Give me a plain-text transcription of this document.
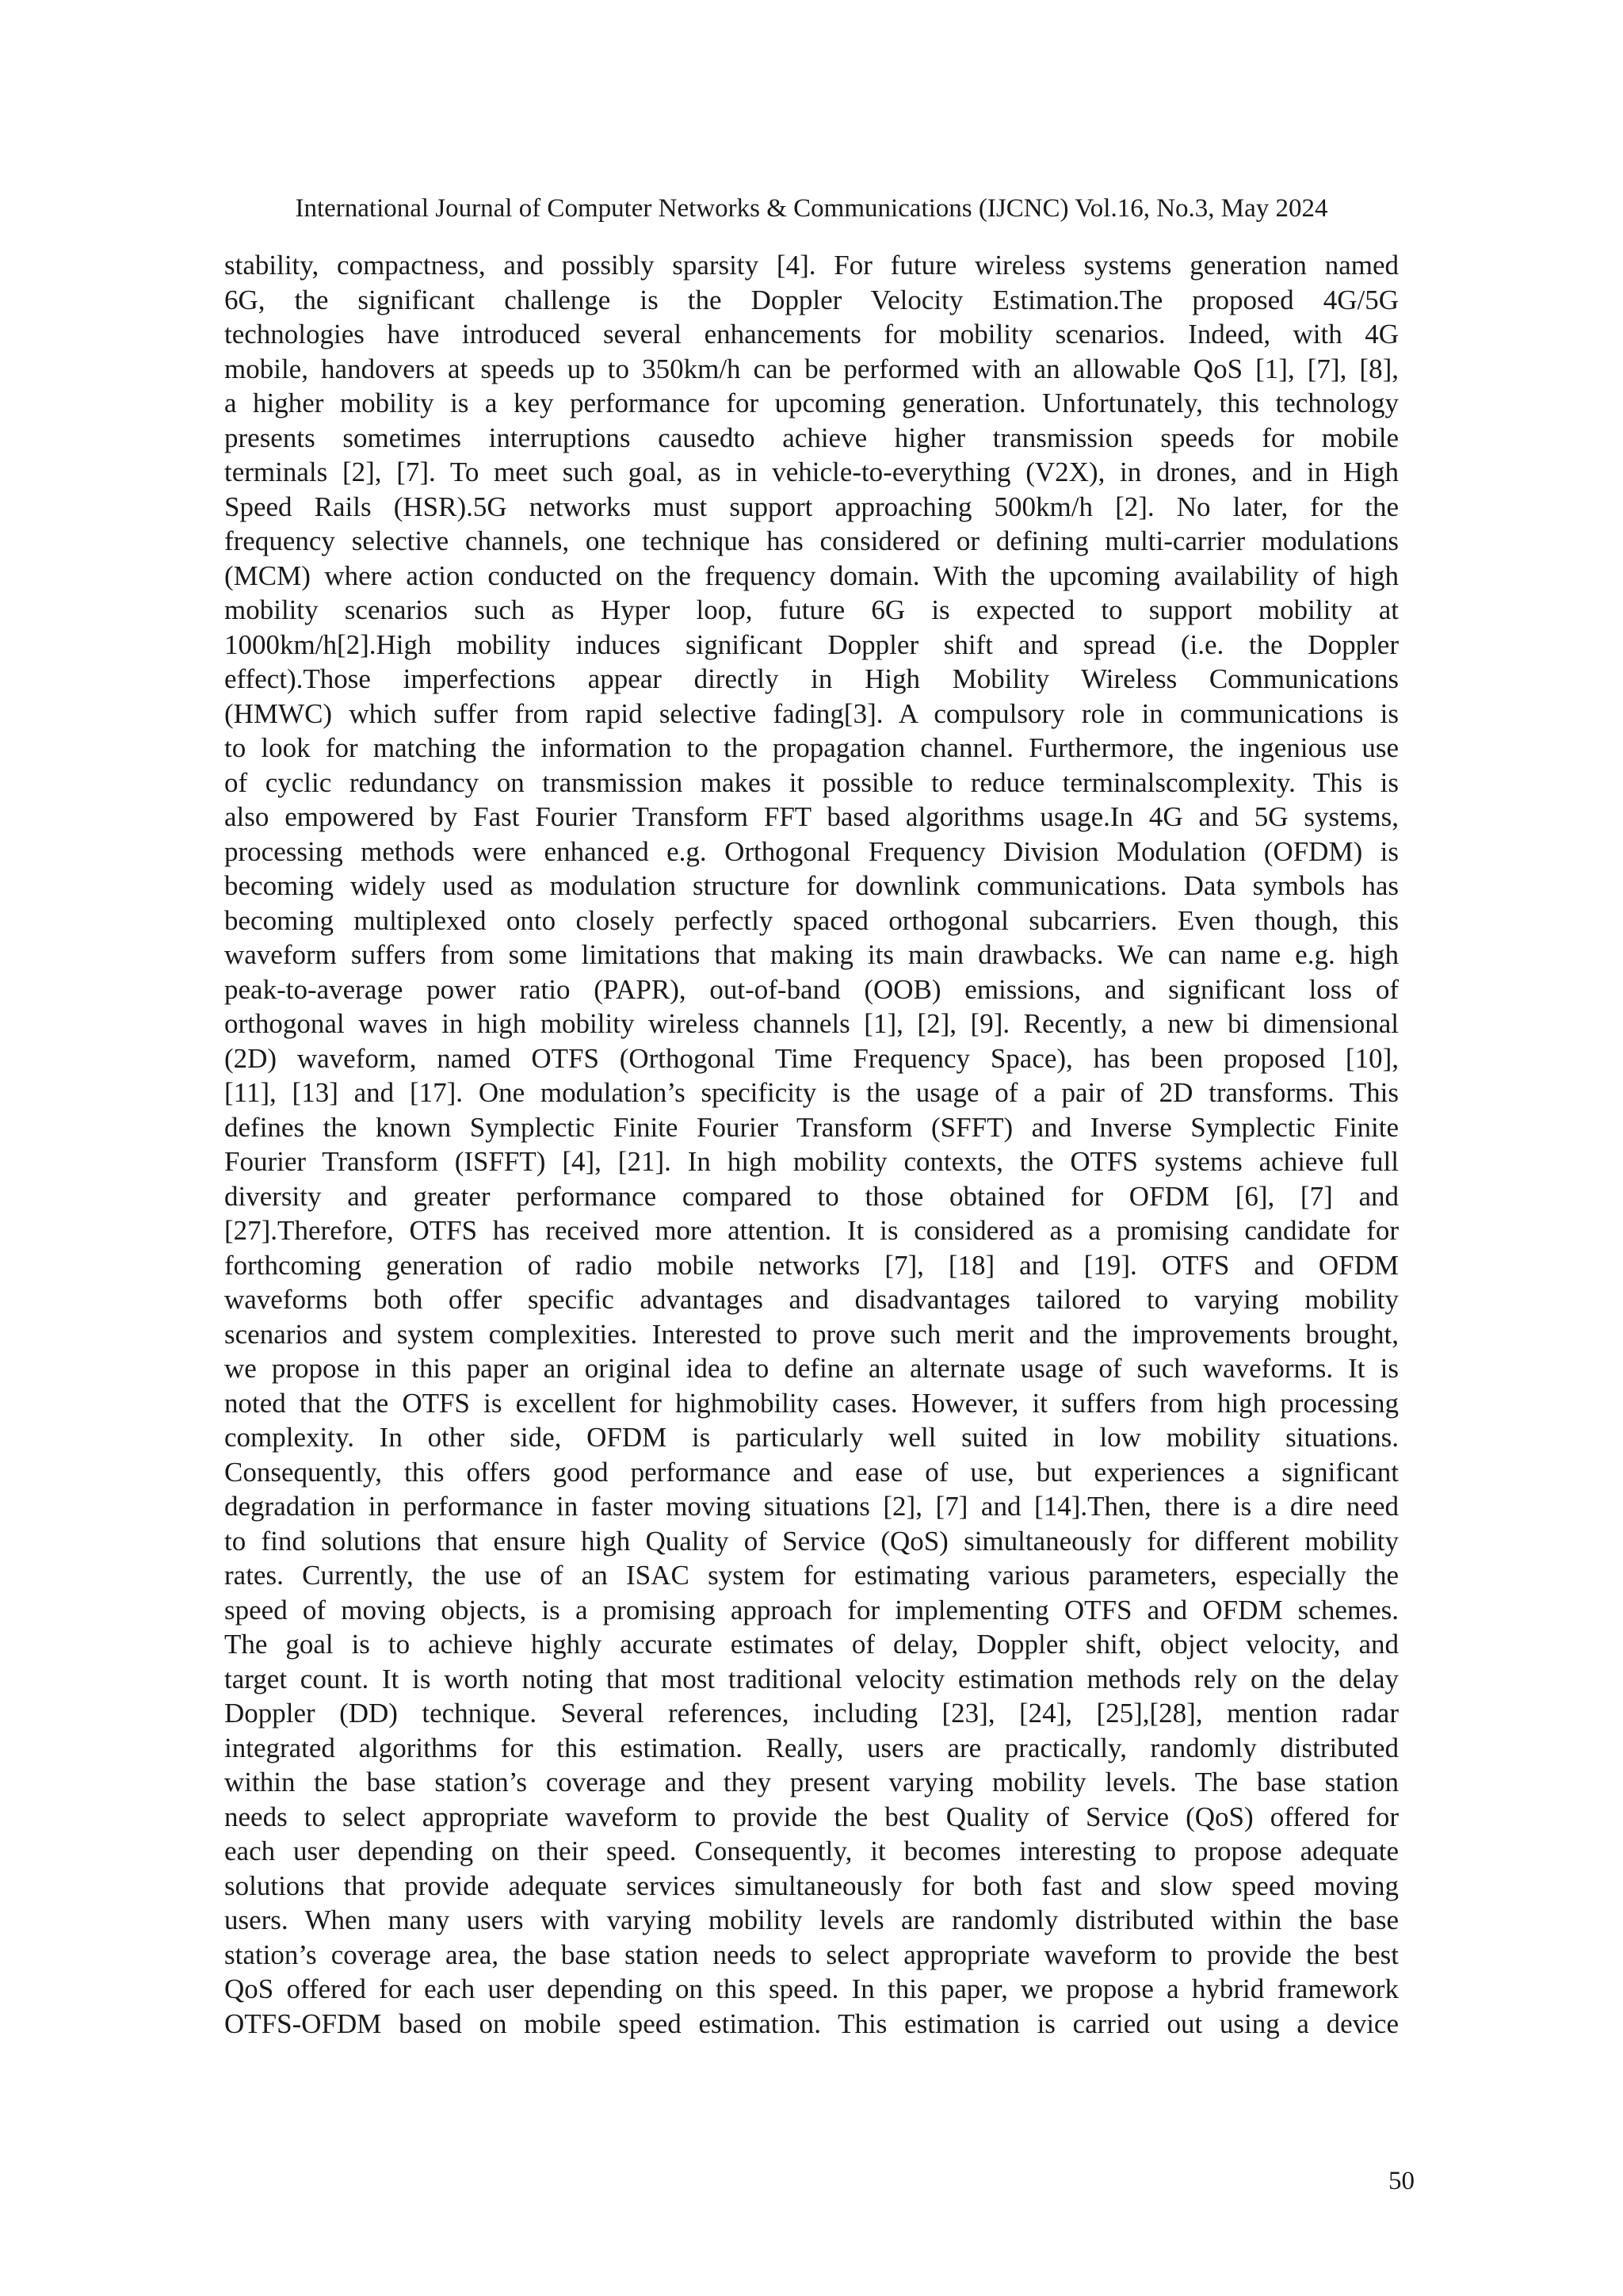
International Journal of Computer Networks & Communications (IJCNC) Vol.16, No.3, May 2024
stability, compactness, and possibly sparsity [4]. For future wireless systems generation named
6G, the significant challenge is the Doppler Velocity Estimation.The proposed 4G/5G
technologies have introduced several enhancements for mobility scenarios. Indeed, with 4G
mobile, handovers at speeds up to 350km/h can be performed with an allowable QoS [1], [7], [8],
a higher mobility is a key performance for upcoming generation. Unfortunately, this technology
presents sometimes interruptions causedto achieve higher transmission speeds for mobile
terminals [2], [7]. To meet such goal, as in vehicle-to-everything (V2X), in drones, and in High
Speed Rails (HSR).5G networks must support approaching 500km/h [2]. No later, for the
frequency selective channels, one technique has considered or defining multi-carrier modulations
(MCM) where action conducted on the frequency domain. With the upcoming availability of high
mobility scenarios such as Hyper loop, future 6G is expected to support mobility at
1000km/h[2].High mobility induces significant Doppler shift and spread (i.e. the Doppler
effect).Those imperfections appear directly in High Mobility Wireless Communications
(HMWC) which suffer from rapid selective fading[3]. A compulsory role in communications is
to look for matching the information to the propagation channel. Furthermore, the ingenious use
of cyclic redundancy on transmission makes it possible to reduce terminalscomplexity. This is
also empowered by Fast Fourier Transform FFT based algorithms usage.In 4G and 5G systems,
processing methods were enhanced e.g. Orthogonal Frequency Division Modulation (OFDM) is
becoming widely used as modulation structure for downlink communications. Data symbols has
becoming multiplexed onto closely perfectly spaced orthogonal subcarriers. Even though, this
waveform suffers from some limitations that making its main drawbacks. We can name e.g. high
peak-to-average power ratio (PAPR), out-of-band (OOB) emissions, and significant loss of
orthogonal waves in high mobility wireless channels [1], [2], [9]. Recently, a new bi dimensional
(2D) waveform, named OTFS (Orthogonal Time Frequency Space), has been proposed [10],
[11], [13] and [17]. One modulation’s specificity is the usage of a pair of 2D transforms. This
defines the known Symplectic Finite Fourier Transform (SFFT) and Inverse Symplectic Finite
Fourier Transform (ISFFT) [4], [21]. In high mobility contexts, the OTFS systems achieve full
diversity and greater performance compared to those obtained for OFDM [6], [7] and
[27].Therefore, OTFS has received more attention. It is considered as a promising candidate for
forthcoming generation of radio mobile networks [7], [18] and [19]. OTFS and OFDM
waveforms both offer specific advantages and disadvantages tailored to varying mobility
scenarios and system complexities. Interested to prove such merit and the improvements brought,
we propose in this paper an original idea to define an alternate usage of such waveforms. It is
noted that the OTFS is excellent for highmobility cases. However, it suffers from high processing
complexity. In other side, OFDM is particularly well suited in low mobility situations.
Consequently, this offers good performance and ease of use, but experiences a significant
degradation in performance in faster moving situations [2], [7] and [14].Then, there is a dire need
to find solutions that ensure high Quality of Service (QoS) simultaneously for different mobility
rates. Currently, the use of an ISAC system for estimating various parameters, especially the
speed of moving objects, is a promising approach for implementing OTFS and OFDM schemes.
The goal is to achieve highly accurate estimates of delay, Doppler shift, object velocity, and
target count. It is worth noting that most traditional velocity estimation methods rely on the delay
Doppler (DD) technique. Several references, including [23], [24], [25],[28], mention radar
integrated algorithms for this estimation. Really, users are practically, randomly distributed
within the base station’s coverage and they present varying mobility levels. The base station
needs to select appropriate waveform to provide the best Quality of Service (QoS) offered for
each user depending on their speed. Consequently, it becomes interesting to propose adequate
solutions that provide adequate services simultaneously for both fast and slow speed moving
users. When many users with varying mobility levels are randomly distributed within the base
station’s coverage area, the base station needs to select appropriate waveform to provide the best
QoS offered for each user depending on this speed. In this paper, we propose a hybrid framework
OTFS-OFDM based on mobile speed estimation. This estimation is carried out using a device
50
